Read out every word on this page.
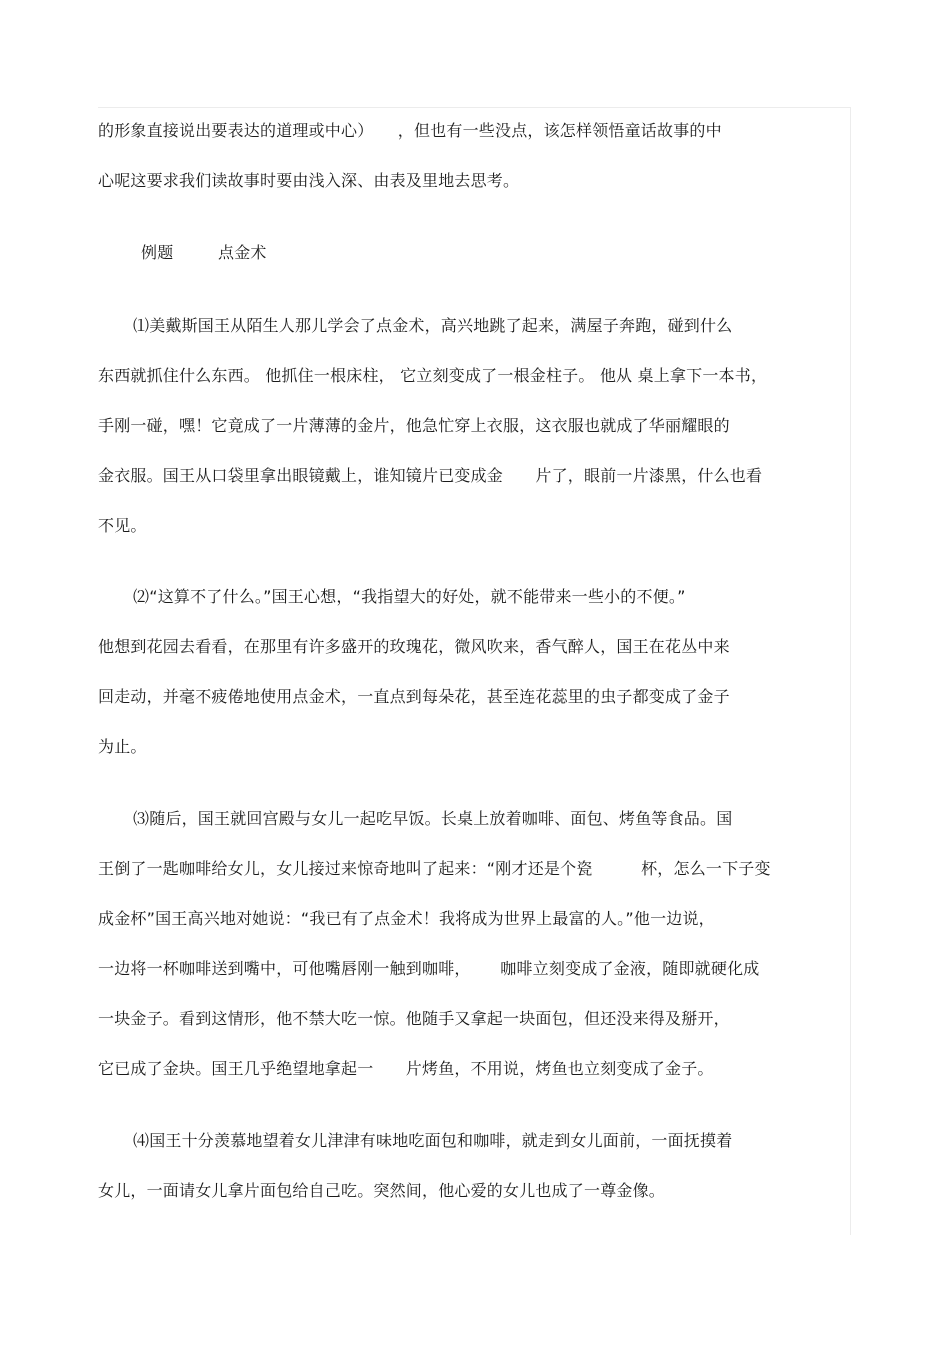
的形象直接说出要表达的道理或中心）　　，但也有一些没点，该怎样领悟童话故事的中
心呢这要求我们读故事时要由浅入深、由表及里地去思考。
例题	点金术
⑴美戴斯国王从陌生人那儿学会了点金术，高兴地跳了起来，满屋子奔跑，碰到什么
东西就抓住什么东西。 他抓住一根床柱， 它立刻变成了一根金柱子。 他从 桌上拿下一本书，
手刚一碰，嘿！它竟成了一片薄薄的金片，他急忙穿上衣服，这衣服也就成了华丽耀眼的
金衣服。国王从口袋里拿出眼镜戴上，谁知镜片已变成金　　片了，眼前一片漆黑，什么也看
不见。
⑵“这算不了什么。”国王心想，“我指望大的好处，就不能带来一些小的不便。”
他想到花园去看看，在那里有许多盛开的玫瑰花，微风吹来，香气醉人，国王在花丛中来
回走动，并毫不疲倦地使用点金术，一直点到每朵花，甚至连花蕊里的虫子都变成了金子
为止。
⑶随后，国王就回宫殿与女儿一起吃早饭。长桌上放着咖啡、面包、烤鱼等食品。国
王倒了一匙咖啡给女儿，女儿接过来惊奇地叫了起来：“刚才还是个瓷　　　杯，怎么一下子变
成金杯”国王高兴地对她说：“我已有了点金术！我将成为世界上最富的人。”他一边说，
一边将一杯咖啡送到嘴中，可他嘴唇刚一触到咖啡，　　 咖啡立刻变成了金液，随即就硬化成
一块金子。看到这情形，他不禁大吃一惊。他随手又拿起一块面包，但还没来得及掰开，
它已成了金块。国王几乎绝望地拿起一　　片烤鱼，不用说，烤鱼也立刻变成了金子。
⑷国王十分羡慕地望着女儿津津有味地吃面包和咖啡，就走到女儿面前，一面抚摸着
女儿，一面请女儿拿片面包给自己吃。突然间，他心爱的女儿也成了一尊金像。
